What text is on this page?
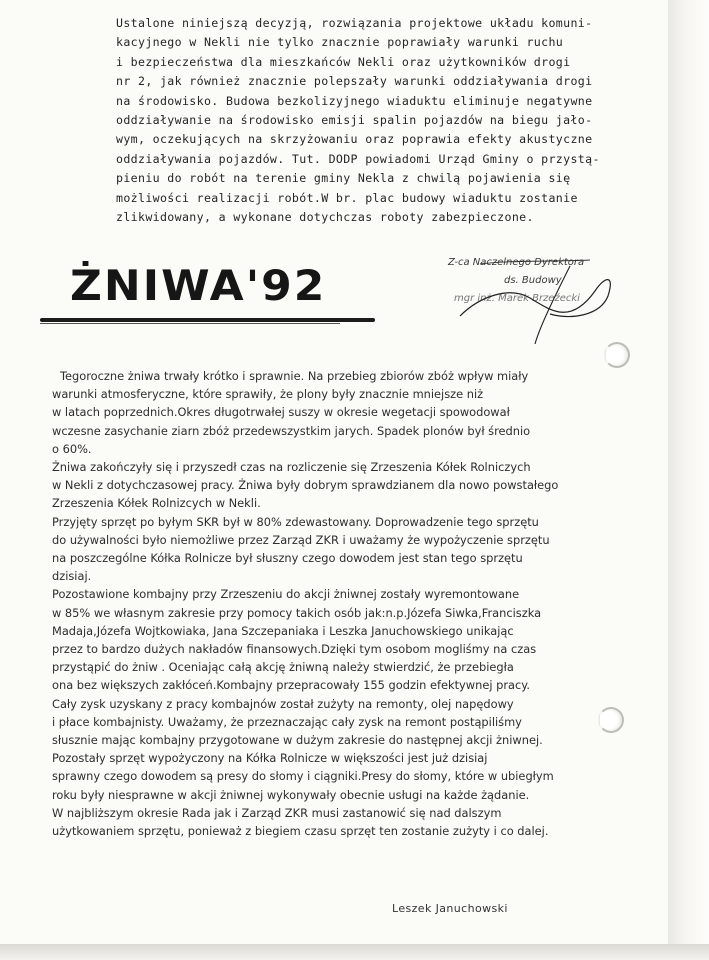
Ustalone niniejszą decyzją, rozwiązania projektowe układu komuni-
kacyjnego w Nekli nie tylko znacznie poprawiały warunki ruchu
i bezpieczeństwa dla mieszkańców Nekli oraz użytkowników drogi
nr 2, jak również znacznie polepszały warunki oddziaływania drogi
na środowisko. Budowa bezkolizyjnego wiaduktu eliminuje negatywne
oddziaływanie na środowisko emisji spalin pojazdów na biegu jało-
wym, oczekujących na skrzyżowaniu oraz poprawia efekty akustyczne
oddziaływania pojazdów. Tut. DODP powiadomi Urząd Gminy o przystą-
pieniu do robót na terenie gminy Nekla z chwilą pojawienia się
możliwości realizacji robót.W br. plac budowy wiaduktu zostanie
zlikwidowany, a wykonane dotychczas roboty zabezpieczone.
Z-ca Naczelnego Dyrektora
ds. Budowy
mgr inż. Marek Brzeźecki
ŻNIWA'92
Tegoroczne żniwa trwały krótko i sprawnie. Na przebieg zbiorów zbóż wpływ miały
warunki atmosferyczne, które sprawiły, że plony były znacznie mniejsze niż
w latach poprzednich.Okres długotrwałej suszy w okresie wegetacji spowodował
wczesne zasychanie ziarn zbóż przedewszystkim jarych. Spadek plonów był średnio
o 60%.
Żniwa zakończyły się i przyszedł czas na rozliczenie się Zrzeszenia Kółek Rolniczych
w Nekli z dotychczasowej pracy. Żniwa były dobrym sprawdzianem dla nowo powstałego
Zrzeszenia Kółek Rolnizcych w Nekli.
Przyjęty sprzęt po byłym SKR był w 80% zdewastowany. Doprowadzenie tego sprzętu
do używalności było niemożliwe przez Zarząd ZKR i uważamy że wypożyczenie sprzętu
na poszczególne Kółka Rolnicze był słuszny czego dowodem jest stan tego sprzętu
dzisiaj.
Pozostawione kombajny przy Zrzeszeniu do akcji żniwnej zostały wyremontowane
w 85% we własnym zakresie przy pomocy takich osób jak:n.p.Józefa Siwka,Franciszka
Madaja,Józefa Wojtkowiaka, Jana Szczepaniaka i Leszka Januchowskiego unikając
przez to bardzo dużych nakładów finansowych.Dzięki tym osobom mogliśmy na czas
przystąpić do żniw . Oceniając całą akcję żniwną należy stwierdzić, że przebiegła
ona bez większych zakłóceń.Kombajny przepracowały 155 godzin efektywnej pracy.
Cały zysk uzyskany z pracy kombajnów został zużyty na remonty, olej napędowy
i płace kombajnisty. Uważamy, że przeznaczając cały zysk na remont postąpiliśmy
słusznie mając kombajny przygotowane w dużym zakresie do następnej akcji żniwnej.
Pozostały sprzęt wypożyczony na Kółka Rolnicze w większości jest już dzisiaj
sprawny czego dowodem są presy do słomy i ciągniki.Presy do słomy, które w ubiegłym
roku były niesprawne w akcji żniwnej wykonywały obecnie usługi na każde żądanie.
W najbliższym okresie Rada jak i Zarząd ZKR musi zastanowić się nad dalszym
użytkowaniem sprzętu, ponieważ z biegiem czasu sprzęt ten zostanie zużyty i co dalej.
Leszek Januchowski
